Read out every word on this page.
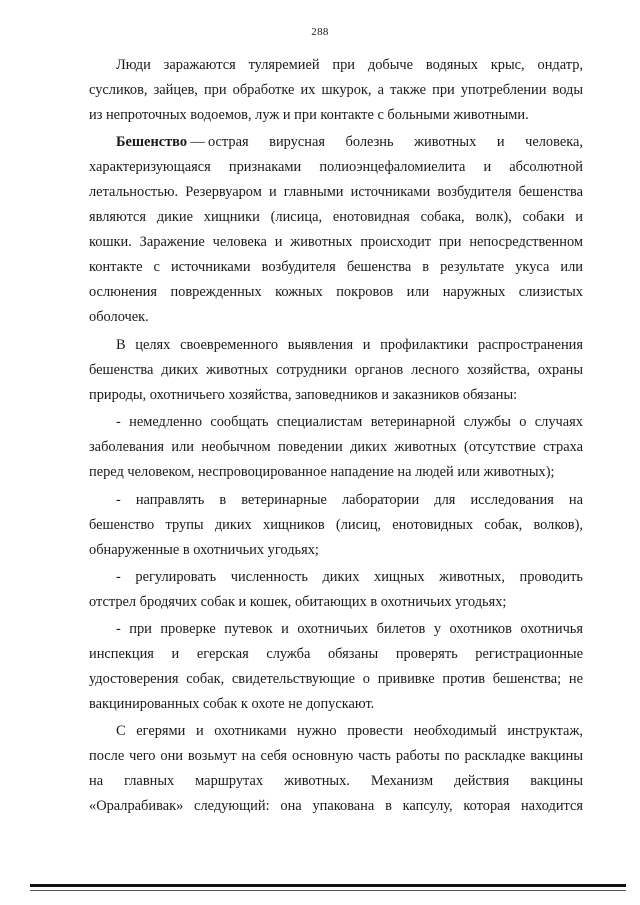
288
Люди заражаются туляремией при добыче водяных крыс, ондатр,
сусликов, зайцев, при обработке их шкурок, а также при употреблении воды
из непроточных водоемов, луж и при контакте с больными животными.
Бешенство — острая вирусная болезнь животных и человека,
характеризующаяся признаками полиоэнцефаломиелита и абсолютной
летальностью. Резервуаром и главными источниками возбудителя бешенства
являются дикие хищники (лисица, енотовидная собака, волк), собаки и
кошки. Заражение человека и животных происходит при непосредственном
контакте с источниками возбудителя бешенства в результате укуса или
ослюнения поврежденных кожных покровов или наружных слизистых
оболочек.
В целях своевременного выявления и профилактики распространения
бешенства диких животных сотрудники органов лесного хозяйства, охраны
природы, охотничьего хозяйства, заповедников и заказников обязаны:
- немедленно сообщать специалистам ветеринарной службы о случаях
заболевания или необычном поведении диких животных (отсутствие страха
перед человеком, неспровоцированное нападение на людей или животных);
- направлять в ветеринарные лаборатории для исследования на
бешенство трупы диких хищников (лисиц, енотовидных собак, волков),
обнаруженные в охотничьих угодьях;
- регулировать численность диких хищных животных, проводить
отстрел бродячих собак и кошек, обитающих в охотничьих угодьях;
- при проверке путевок и охотничьих билетов у охотников охотничья
инспекция и егерская служба обязаны проверять регистрационные
удостоверения собак, свидетельствующие о прививке против бешенства; не
вакцинированных собак к охоте не допускают.
С егерями и охотниками нужно провести необходимый инструктаж,
после чего они возьмут на себя основную часть работы по раскладке вакцины
на главных маршрутах животных. Механизм действия вакцины
«Оралрабивак» следующий: она упакована в капсулу, которая находится
